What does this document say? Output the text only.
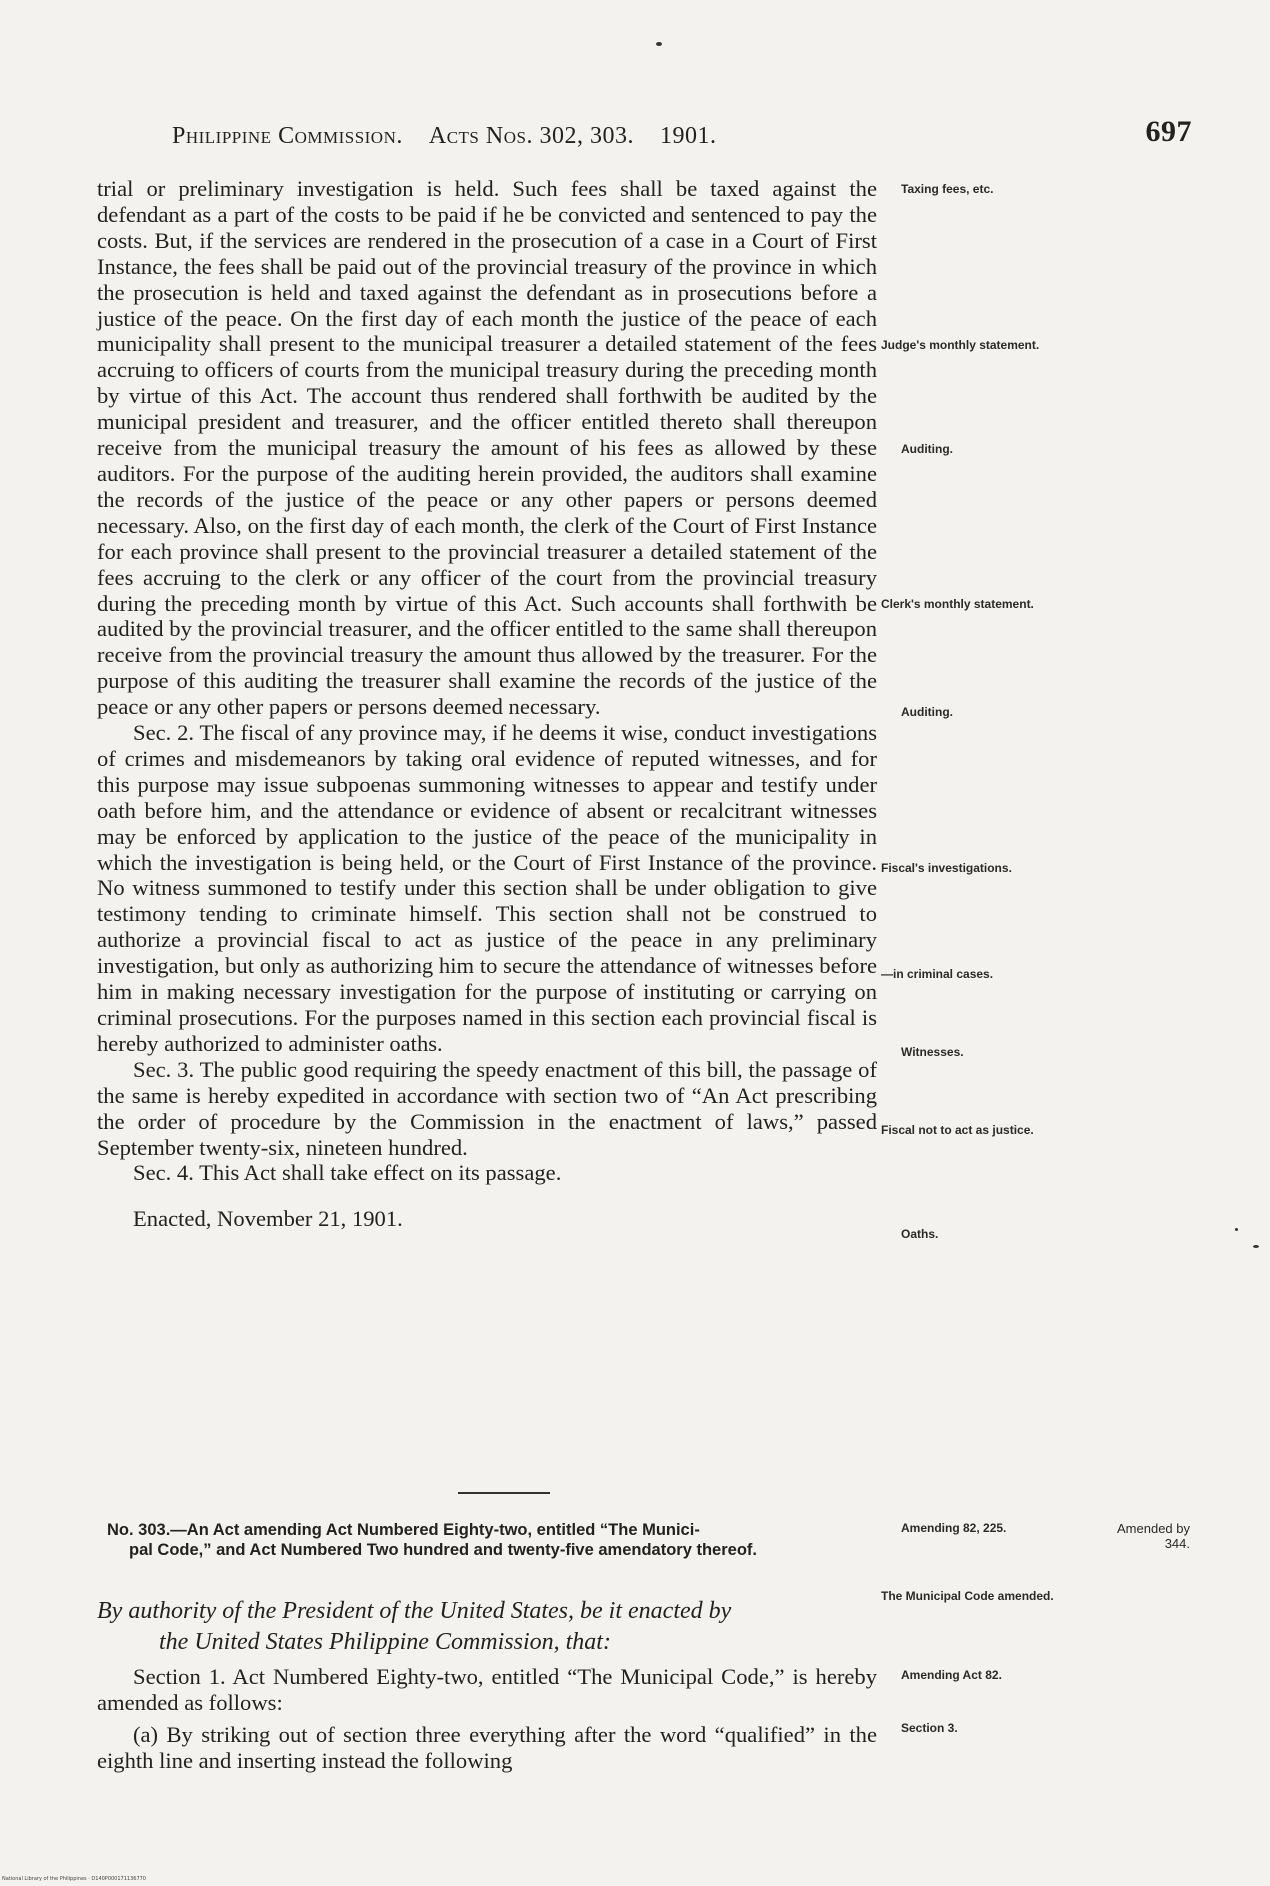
Philippine Commission. Acts Nos. 302, 303. 1901.	697

trial or preliminary investigation is held. Such fees shall be taxed against the defendant as a part of the costs to be paid if he be convicted and sentenced to pay the costs. But, if the services are rendered in the prosecution of a case in a Court of First Instance, the fees shall be paid out of the provincial treasury of the province in which the prosecution is held and taxed against the defendant as in prosecutions before a justice of the peace. On the first day of each month the justice of the peace of each municipality shall present to the municipal treasurer a detailed statement of the fees accruing to officers of courts from the municipal treasury during the preceding month by virtue of this Act. The account thus rendered shall forthwith be audited by the municipal president and treasurer, and the officer entitled thereto shall thereupon receive from the municipal treasury the amount of his fees as allowed by these auditors. For the purpose of the auditing herein provided, the auditors shall examine the records of the justice of the peace or any other papers or persons deemed necessary. Also, on the first day of each month, the clerk of the Court of First Instance for each province shall present to the provincial treasurer a detailed statement of the fees accruing to the clerk or any officer of the court from the provincial treasury during the preceding month by virtue of this Act. Such accounts shall forthwith be audited by the provincial treasurer, and the officer entitled to the same shall thereupon receive from the provincial treasury the amount thus allowed by the treasurer. For the purpose of this auditing the treasurer shall examine the records of the justice of the peace or any other papers or persons deemed necessary.

Sec. 2. The fiscal of any province may, if he deems it wise, conduct investigations of crimes and misdemeanors by taking oral evidence of reputed witnesses, and for this purpose may issue subpoenas summoning witnesses to appear and testify under oath before him, and the attendance or evidence of absent or recalcitrant witnesses may be enforced by application to the justice of the peace of the municipality in which the investigation is being held, or the Court of First Instance of the province. No witness summoned to testify under this section shall be under obligation to give testimony tending to criminate himself. This section shall not be construed to authorize a provincial fiscal to act as justice of the peace in any preliminary investigation, but only as authorizing him to secure the attendance of witnesses before him in making necessary investigation for the purpose of instituting or carrying on criminal prosecutions. For the purposes named in this section each provincial fiscal is hereby authorized to administer oaths.

Sec. 3. The public good requiring the speedy enactment of this bill, the passage of the same is hereby expedited in accordance with section two of “An Act prescribing the order of procedure by the Commission in the enactment of laws,” passed September twenty-six, nineteen hundred.

Sec. 4. This Act shall take effect on its passage.

Enacted, November 21, 1901.

No. 303.—An Act amending Act Numbered Eighty-two, entitled “The Munici-
pal Code,” and Act Numbered Two hundred and twenty-five amendatory thereof.
By authority of the President of the United States, be it enacted by
the United States Philippine Commission, that:

Section 1. Act Numbered Eighty-two, entitled “The Municipal Code,” is hereby amended as follows:

(a) By striking out of section three everything after the word “qualified” in the eighth line and inserting instead the following

Taxing fees, etc.
Judge's monthly statement.
Auditing.
Clerk's monthly statement.
Auditing.
Fiscal's investigations.
—in criminal cases.
Witnesses.
Fiscal not to act as justice.
Oaths.
Amending 82, 225.	Amended by 344.
The Municipal Code amended.
Amending Act 82.
Section 3.
National Library of the Philippines · D140P000171136770
